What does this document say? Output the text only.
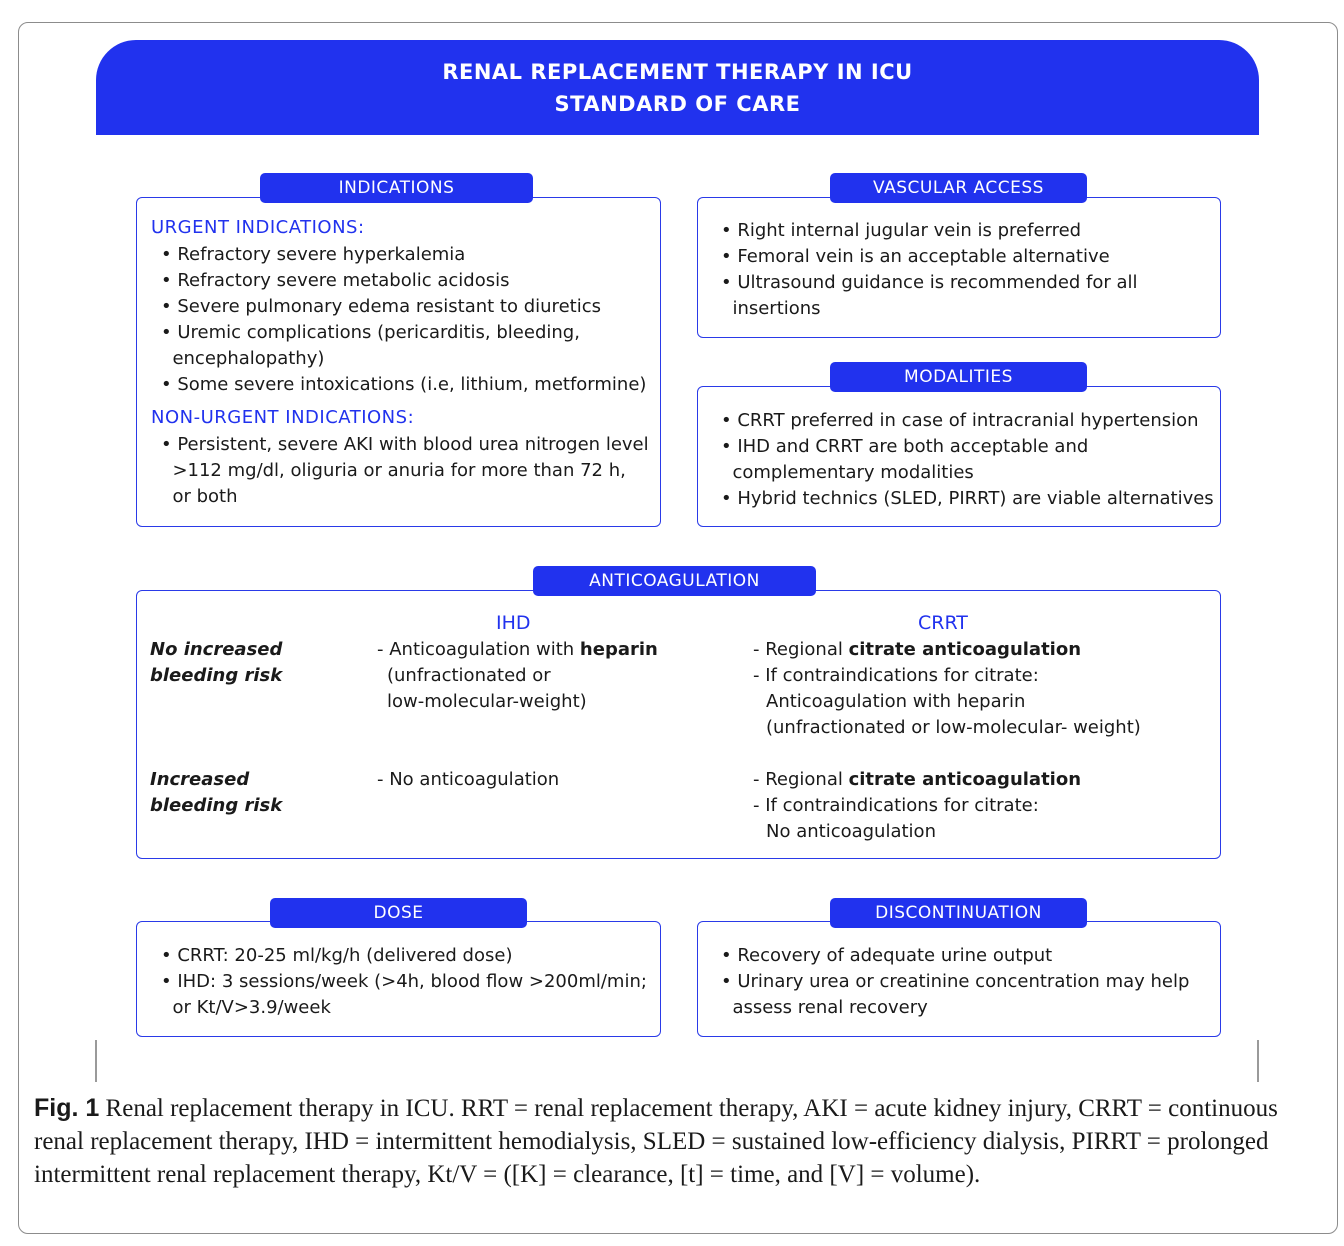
RENAL REPLACEMENT THERAPY IN ICU
STANDARD OF CARE
INDICATIONS
URGENT INDICATIONS:
• Refractory severe hyperkalemia
• Refractory severe metabolic acidosis
• Severe pulmonary edema resistant to diuretics
• Uremic complications (pericarditis, bleeding,
encephalopathy)
• Some severe intoxications (i.e, lithium, metformine)
NON-URGENT INDICATIONS:
• Persistent, severe AKI with blood urea nitrogen level
>112 mg/dl, oliguria or anuria for more than 72 h,
or both
VASCULAR ACCESS
• Right internal jugular vein is preferred
• Femoral vein is an acceptable alternative
• Ultrasound guidance is recommended for all
insertions
MODALITIES
• CRRT preferred in case of intracranial hypertension
• IHD and CRRT are both acceptable and
complementary modalities
• Hybrid technics (SLED, PIRRT) are viable alternatives
ANTICOAGULATION
IHD	CRRT
No increased
bleeding risk
- Anticoagulation with heparin
(unfractionated or
low-molecular-weight)
- Regional citrate anticoagulation
- If contraindications for citrate:
Anticoagulation with heparin
(unfractionated or low-molecular- weight)
Increased
bleeding risk
- No anticoagulation	- Regional citrate anticoagulation
- If contraindications for citrate:
No anticoagulation
DOSE
• CRRT: 20-25 ml/kg/h (delivered dose)
• IHD: 3 sessions/week (>4h, blood flow >200ml/min;
or Kt/V>3.9/week
DISCONTINUATION
• Recovery of adequate urine output
• Urinary urea or creatinine concentration may help
assess renal recovery
Fig. 1 Renal replacement therapy in ICU. RRT = renal replacement therapy, AKI = acute kidney injury, CRRT = continuous renal replacement therapy, IHD = intermittent hemodialysis, SLED = sustained low-efficiency dialysis, PIRRT = prolonged intermittent renal replacement therapy, Kt/V = ([K] = clearance, [t] = time, and [V] = volume).
